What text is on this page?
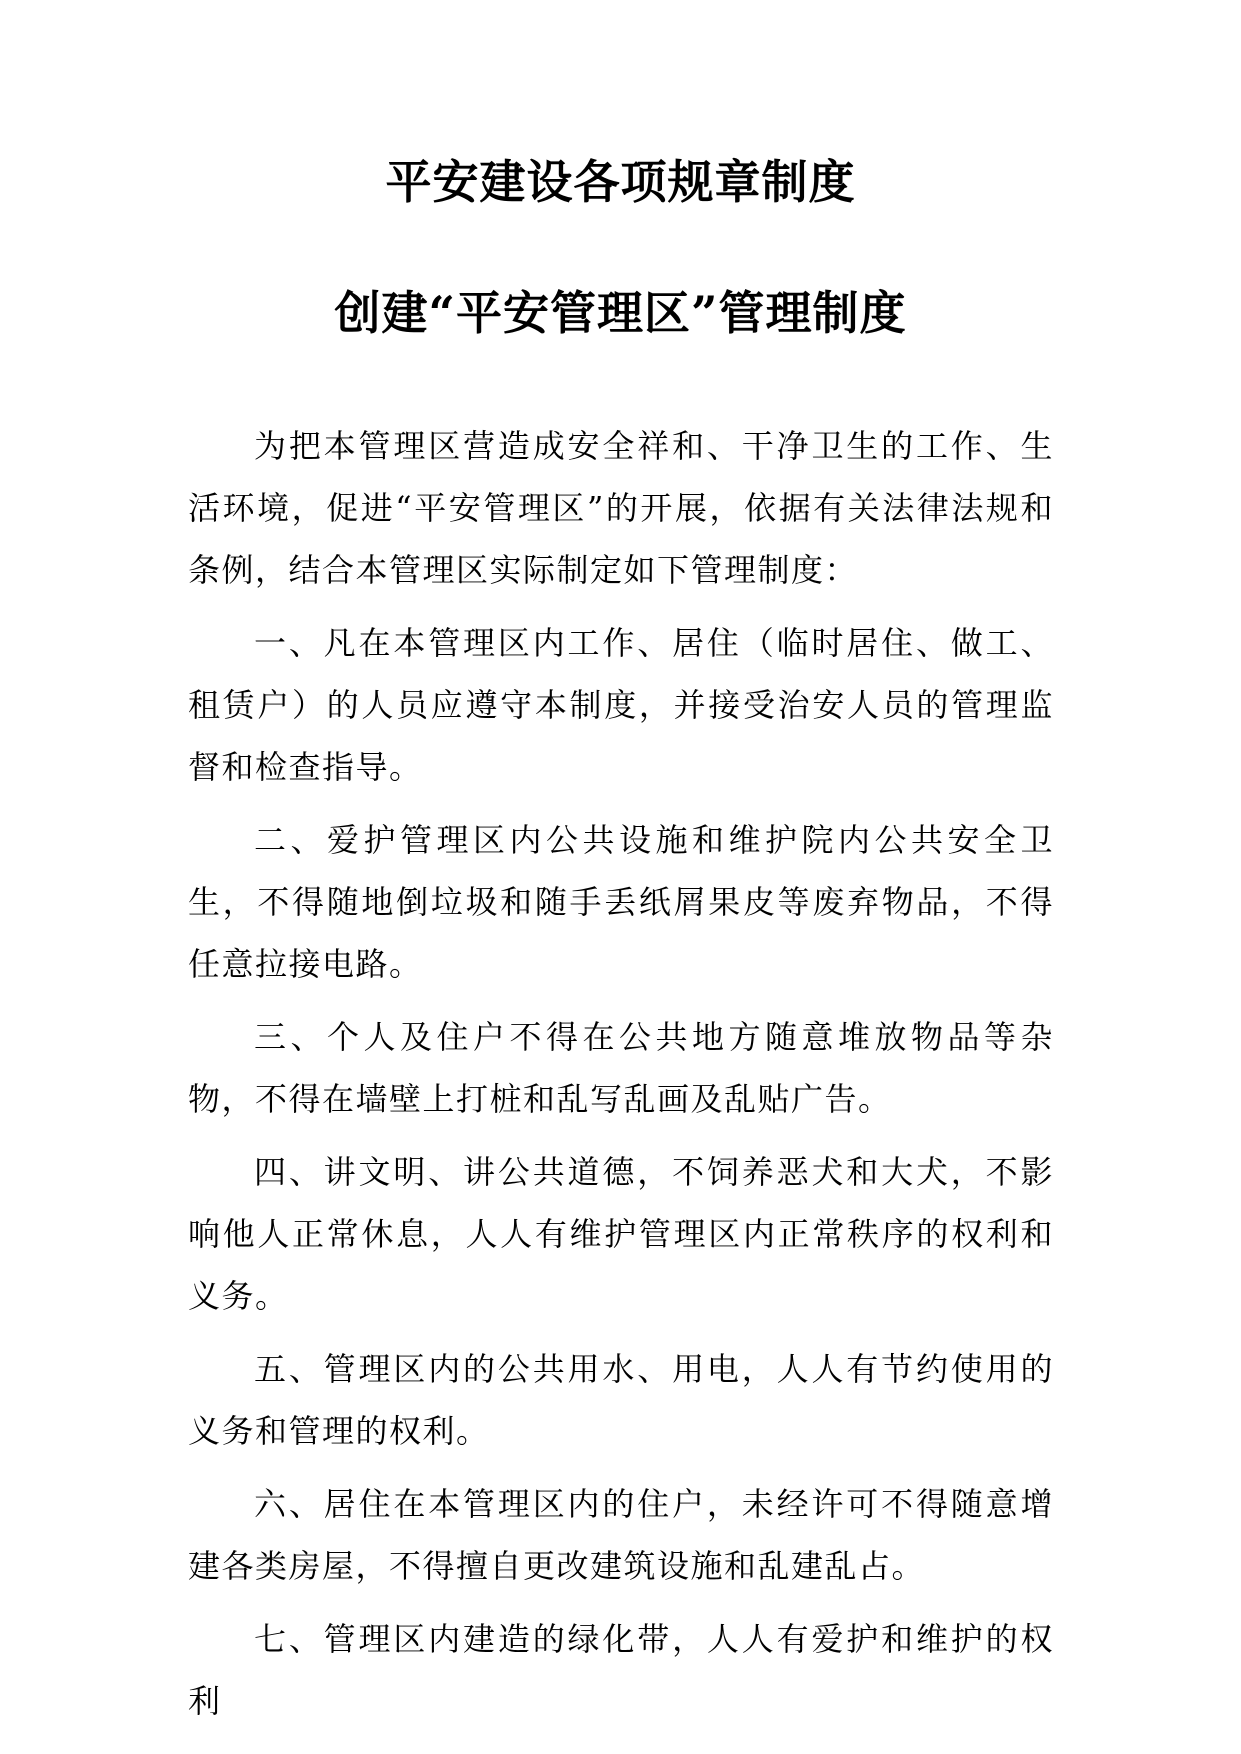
平安建设各项规章制度
创建“平安管理区”管理制度

为把本管理区营造成安全祥和、干净卫生的工作、生活环境，促进“平安管理区”的开展，依据有关法律法规和条例，结合本管理区实际制定如下管理制度：

一、凡在本管理区内工作、居住（临时居住、做工、租赁户）的人员应遵守本制度，并接受治安人员的管理监督和检查指导。

二、爱护管理区内公共设施和维护院内公共安全卫生，不得随地倒垃圾和随手丢纸屑果皮等废弃物品，不得任意拉接电路。

三、个人及住户不得在公共地方随意堆放物品等杂物，不得在墙壁上打桩和乱写乱画及乱贴广告。

四、讲文明、讲公共道德，不饲养恶犬和大犬，不影响他人正常休息，人人有维护管理区内正常秩序的权利和义务。

五、管理区内的公共用水、用电，人人有节约使用的义务和管理的权利。

六、居住在本管理区内的住户，未经许可不得随意增建各类房屋，不得擅自更改建筑设施和乱建乱占。

七、管理区内建造的绿化带，人人有爱护和维护的权利
